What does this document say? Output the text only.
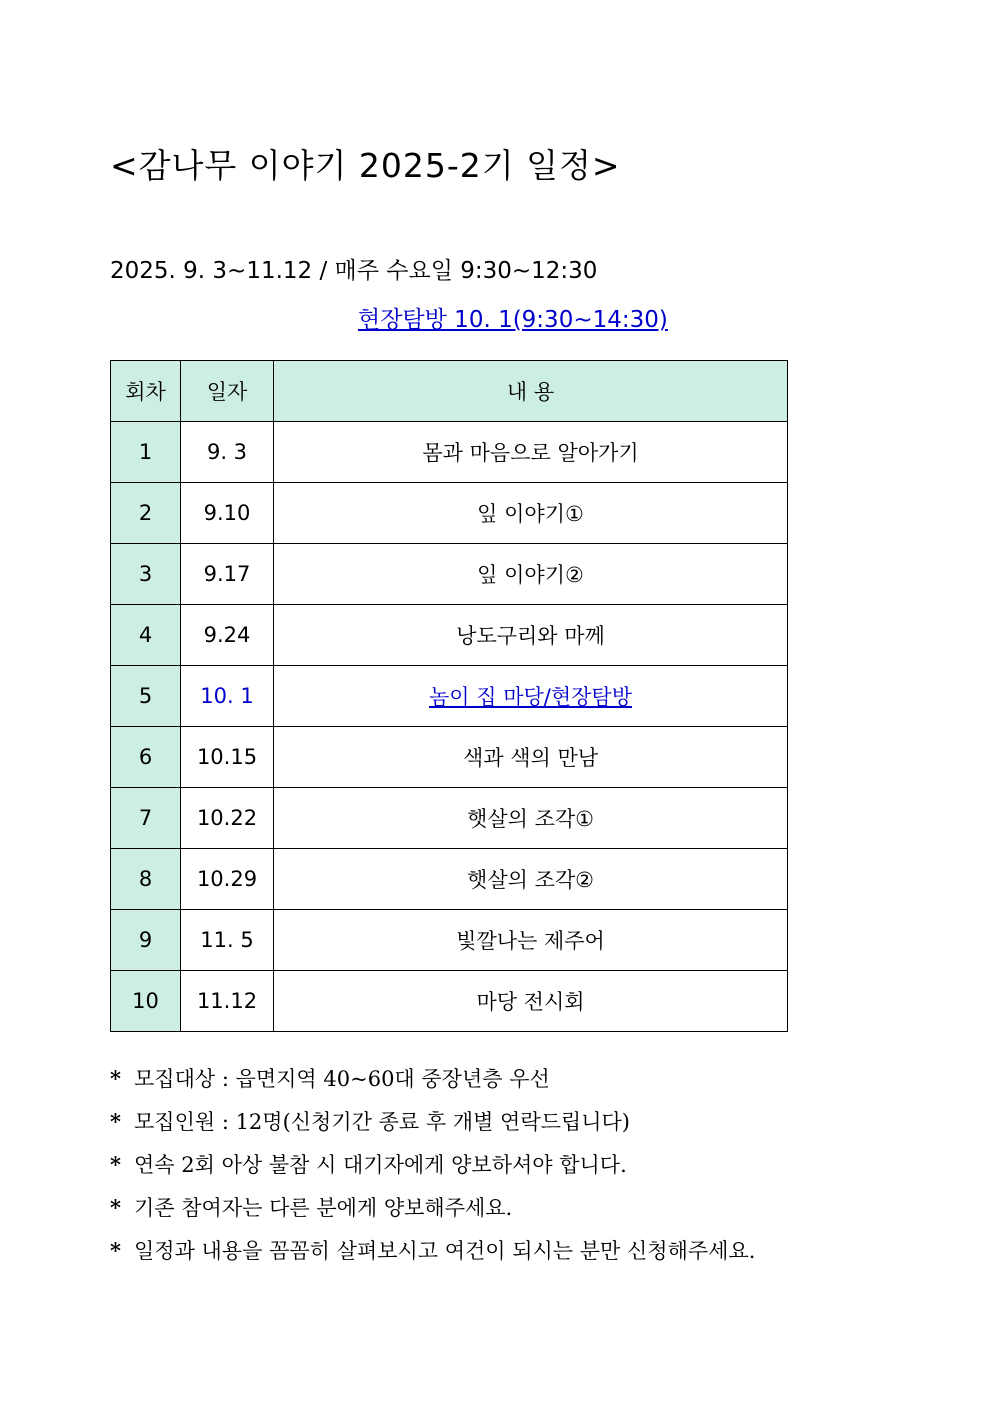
<감나무 이야기 2025-2기 일정>
2025. 9. 3~11.12 / 매주 수요일 9:30~12:30
현장탐방 10. 1(9:30~14:30)
회차	일자	내 용
1	9. 3	몸과 마음으로 알아가기
2	9.10	잎 이야기①
3	9.17	잎 이야기②
4	9.24	낭도구리와 마께
5	10. 1	놈이 집 마당/현장탐방
6	10.15	색과 색의 만남
7	10.22	햇살의 조각①
8	10.29	햇살의 조각②
9	11. 5	빛깔나는 제주어
10	11.12	마당 전시회
* 모집대상 : 읍면지역 40~60대 중장년층 우선
* 모집인원 : 12명(신청기간 종료 후 개별 연락드립니다)
* 연속 2회 아상 불참 시 대기자에게 양보하셔야 합니다.
* 기존 참여자는 다른 분에게 양보해주세요.
* 일정과 내용을 꼼꼼히 살펴보시고 여건이 되시는 분만 신청해주세요.
